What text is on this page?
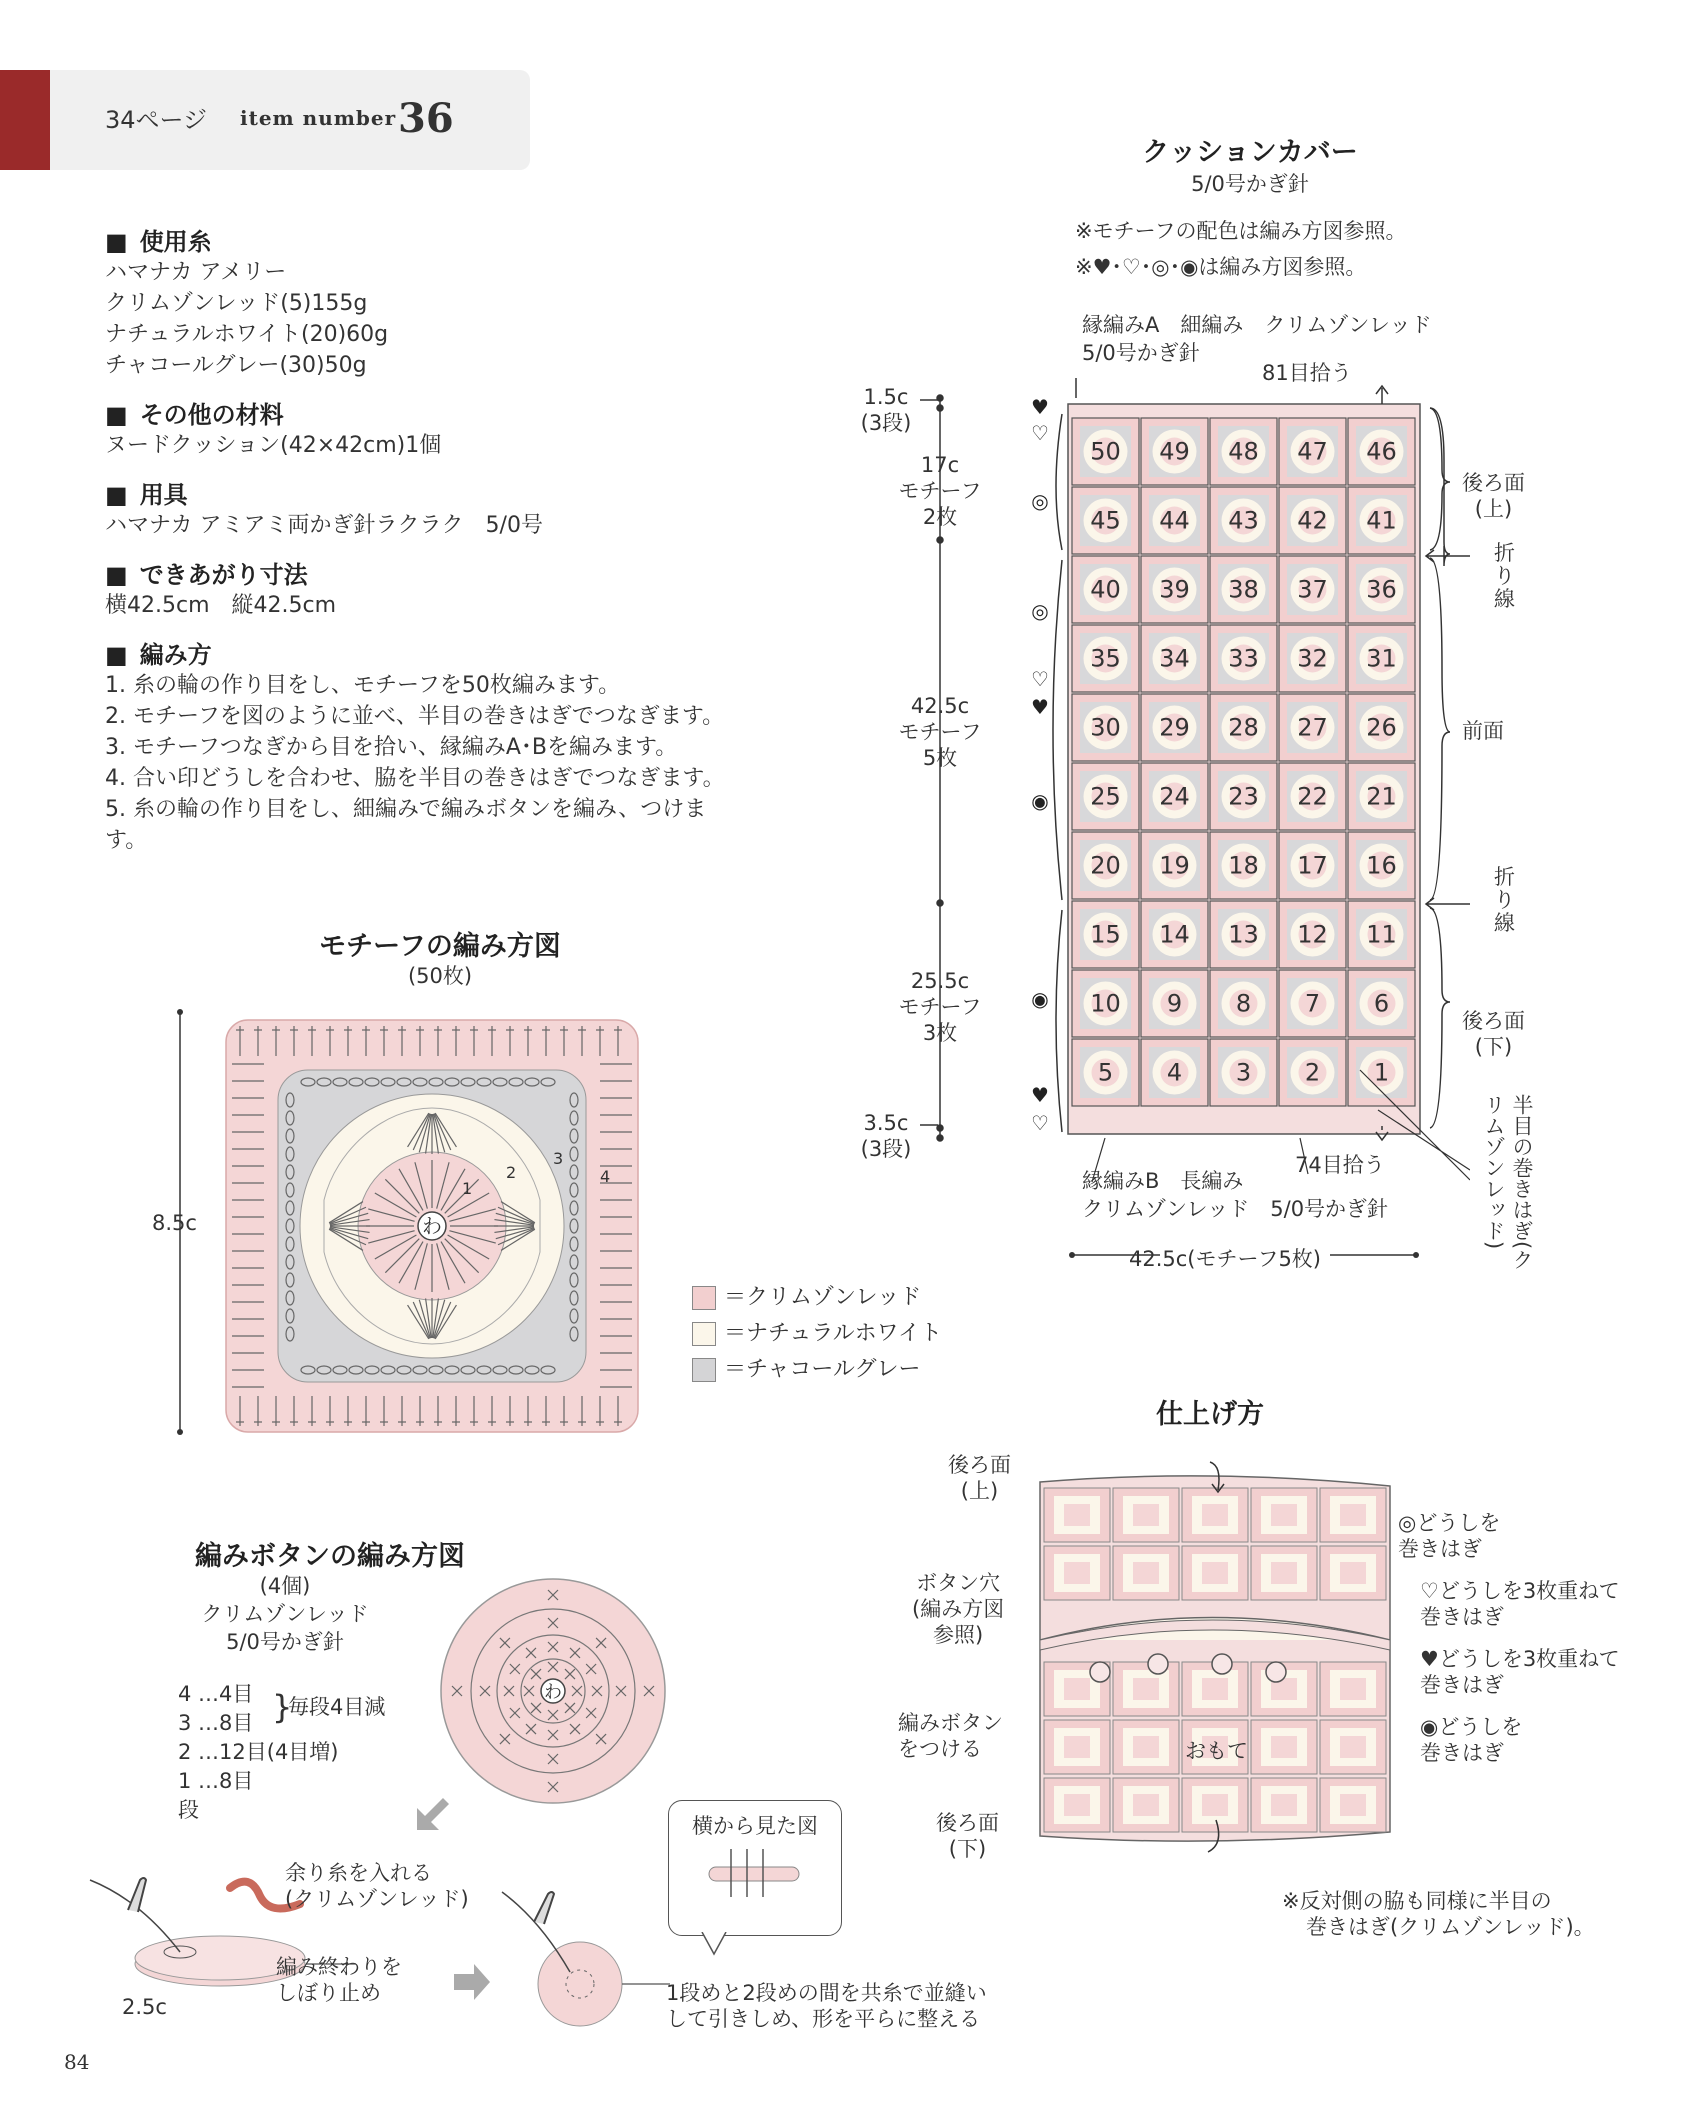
34ページ item number 36
■ 使用糸
ハマナカ アメリー
クリムゾンレッド(5)155g
ナチュラルホワイト(20)60g
チャコールグレー(30)50g
■ その他の材料
ヌードクッション(42×42cm)1個
■ 用具
ハマナカ アミアミ両かぎ針ラクラク　5/0号
■ できあがり寸法
横42.5cm　縦42.5cm
■ 編み方
1. 糸の輪の作り目をし、モチーフを50枚編みます。
2. モチーフを図のように並べ、半目の巻きはぎでつなぎます。
3. モチーフつなぎから目を拾い、縁編みA･Bを編みます。
4. 合い印どうしを合わせ、脇を半目の巻きはぎでつなぎます。
5. 糸の輪の作り目をし、細編みで編みボタンを編み、つけます。
クッションカバー
5/0号かぎ針
※モチーフの配色は編み方図参照。
※♥･♡･◎･◉は編み方図参照。
縁編みA　細編み　クリムゾンレッド
5/0号かぎ針
81目拾う
50 49 48 47 46
45 44 43 42 41
40 39 38 37 36
35 34 33 32 31
30 29 28 27 26
25 24 23 22 21
20 19 18 17 16
15 14 13 12 11
10 9 8 7 6
5 4 3 2 1
♥
♡
◎
◎
♡
♥
◉
◉
♥
♡
1.5c
(3段)
17c
モチーフ
2枚
42.5c
モチーフ
5枚
25.5c
モチーフ
3枚
3.5c
(3段)
後ろ面
(上)
折り線
前面
折り線
後ろ面
(下)
半目の巻きはぎ(クリムゾンレッド)
74目拾う
縁編みB　長編み
クリムゾンレッド　5/0号かぎ針
42.5c(モチーフ5枚)
モチーフの編み方図
(50枚)
わ
1
2
3
4
8.5c
＝クリムゾンレッド
＝ナチュラルホワイト
＝チャコールグレー
編みボタンの編み方図
(4個)
クリムゾンレッド
5/0号かぎ針
4 …4目
3 …8目
2 …12目(4目増)
1 …8目
段
}
毎段4目減
わ
余り糸を入れる
(クリムゾンレッド)
編み終わりを
しぼり止め
2.5c
横から見た図
1段めと2段めの間を共糸で並縫い
して引きしめ、形を平らに整える
仕上げ方
後ろ面
(上)
ボタン穴
(編み方図
参照)
編みボタン
をつける	おもて
後ろ面
(下)
◎どうしを
巻きはぎ
♡どうしを3枚重ねて
巻きはぎ
♥どうしを3枚重ねて
巻きはぎ
◉どうしを
巻きはぎ
※反対側の脇も同様に半目の
巻きはぎ(クリムゾンレッド)。
84
